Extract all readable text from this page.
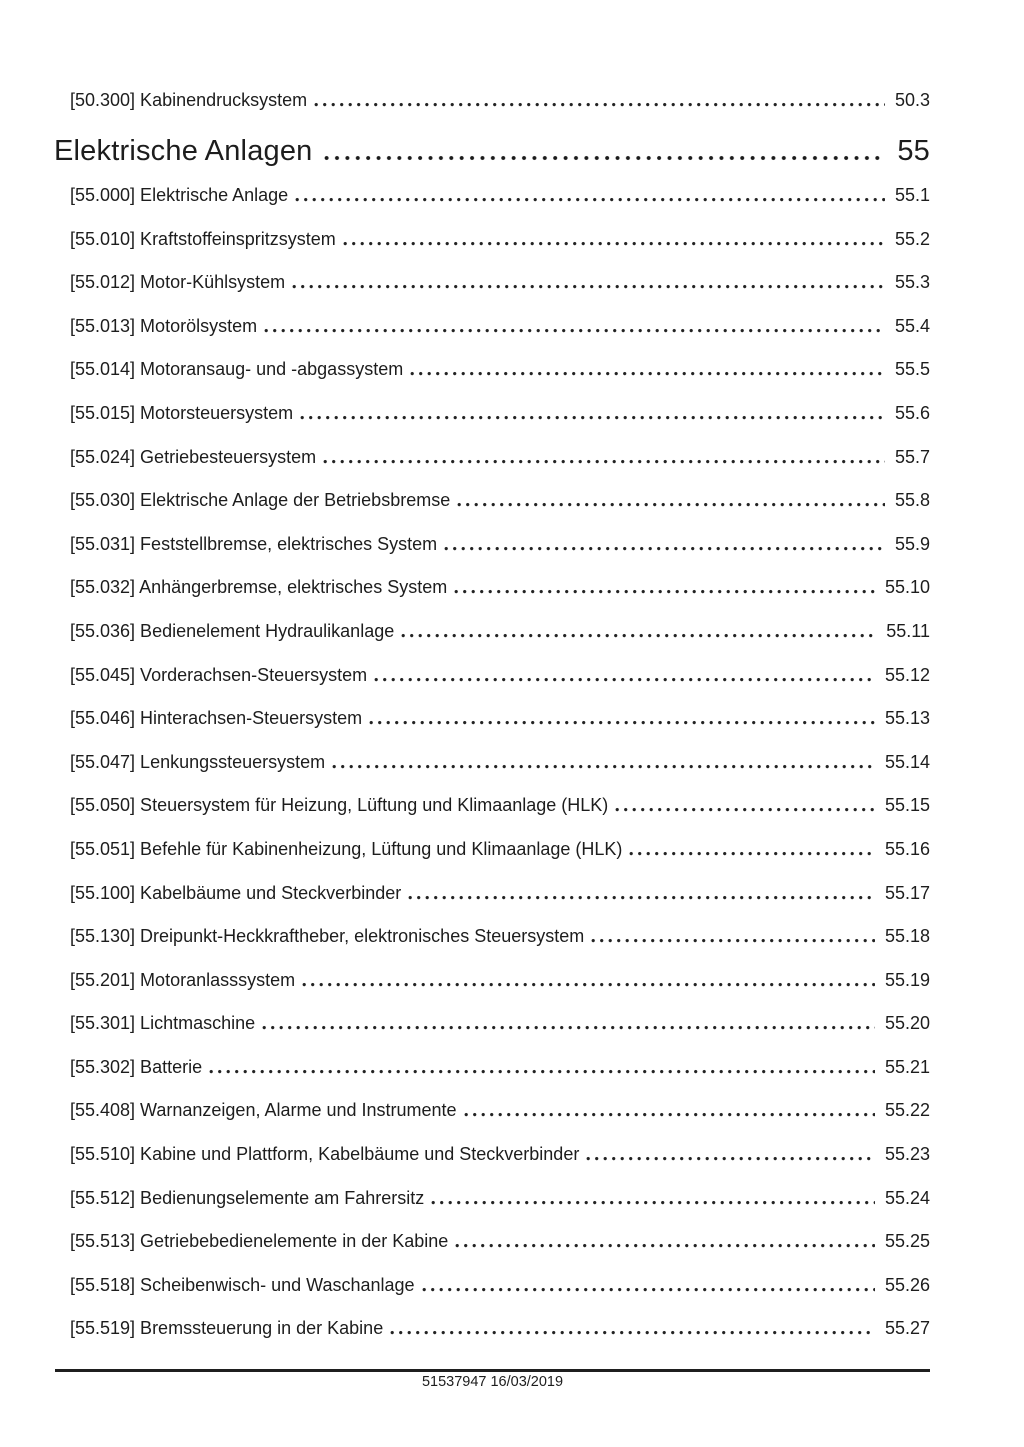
[50.300] Kabinendrucksystem	50.3
Elektrische Anlagen	55
[55.000] Elektrische Anlage	55.1
[55.010] Kraftstoffeinspritzsystem	55.2
[55.012] Motor-Kühlsystem	55.3
[55.013] Motorölsystem	55.4
[55.014] Motoransaug- und -abgassystem	55.5
[55.015] Motorsteuersystem	55.6
[55.024] Getriebesteuersystem	55.7
[55.030] Elektrische Anlage der Betriebsbremse	55.8
[55.031] Feststellbremse, elektrisches System	55.9
[55.032] Anhängerbremse, elektrisches System	55.10
[55.036] Bedienelement Hydraulikanlage	55.11
[55.045] Vorderachsen-Steuersystem	55.12
[55.046] Hinterachsen-Steuersystem	55.13
[55.047] Lenkungssteuersystem	55.14
[55.050] Steuersystem für Heizung, Lüftung und Klimaanlage (HLK)	55.15
[55.051] Befehle für Kabinenheizung, Lüftung und Klimaanlage (HLK)	55.16
[55.100] Kabelbäume und Steckverbinder	55.17
[55.130] Dreipunkt-Heckkraftheber, elektronisches Steuersystem	55.18
[55.201] Motoranlasssystem	55.19
[55.301] Lichtmaschine	55.20
[55.302] Batterie	55.21
[55.408] Warnanzeigen, Alarme und Instrumente	55.22
[55.510] Kabine und Plattform, Kabelbäume und Steckverbinder	55.23
[55.512] Bedienungselemente am Fahrersitz	55.24
[55.513] Getriebebedienelemente in der Kabine	55.25
[55.518] Scheibenwisch- und Waschanlage	55.26
[55.519] Bremssteuerung in der Kabine	55.27
51537947 16/03/2019
